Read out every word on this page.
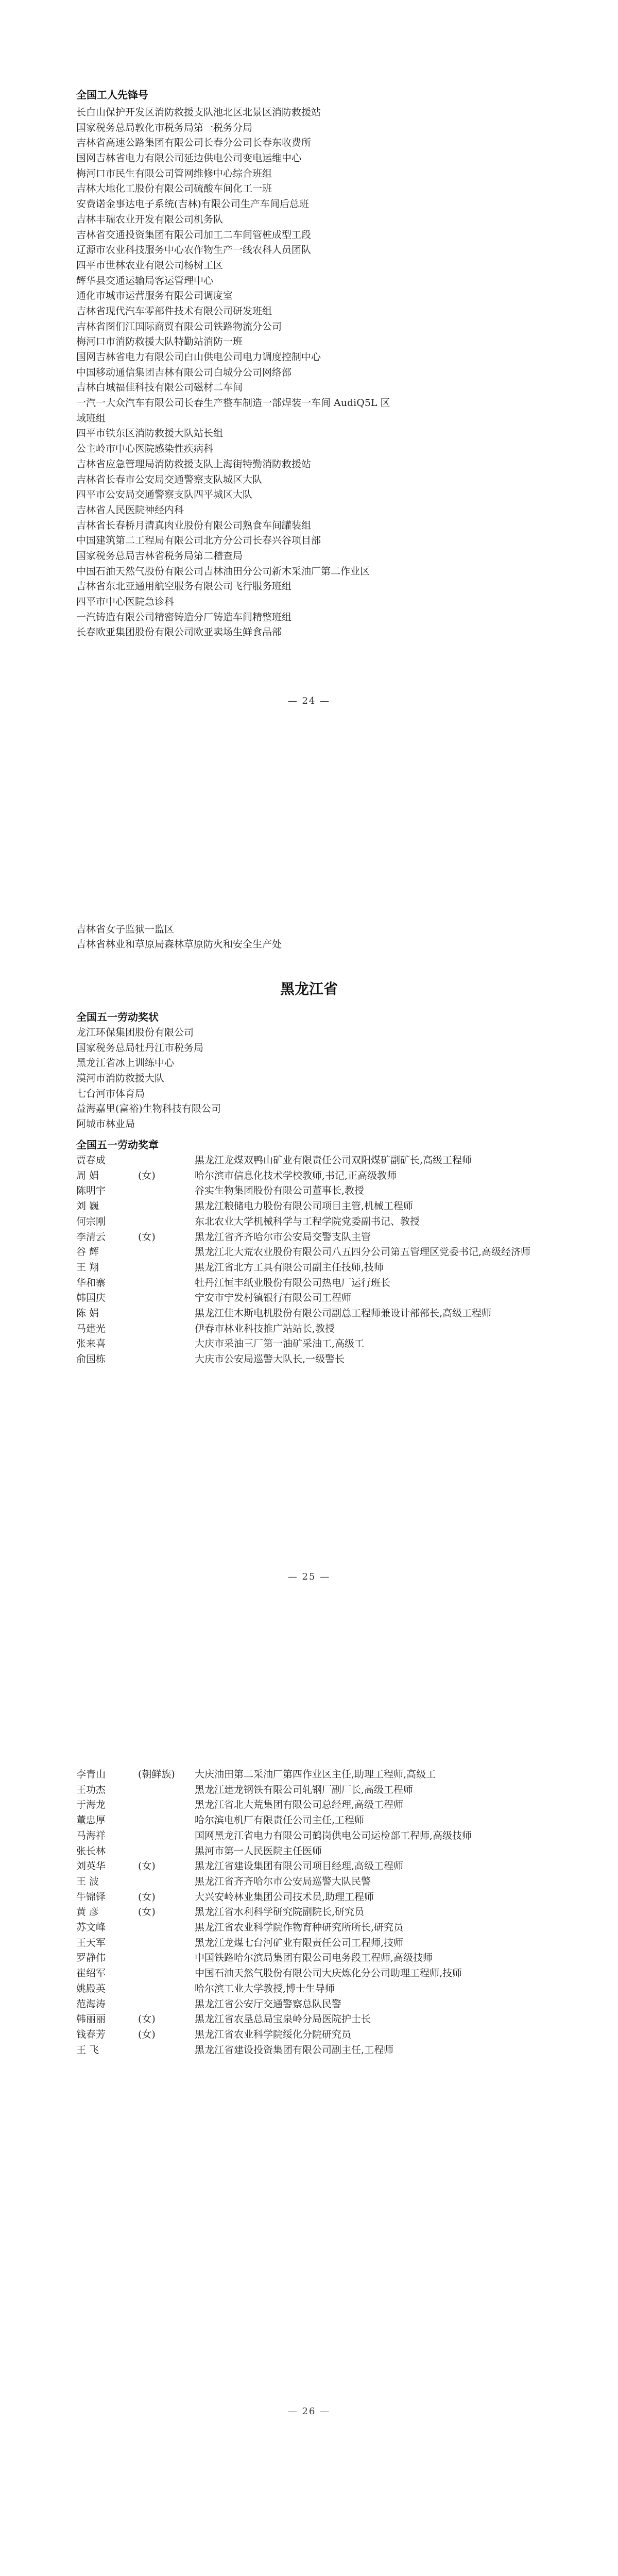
全国工人先锋号
长白山保护开发区消防救援支队池北区北景区消防救援站
国家税务总局敦化市税务局第一税务分局
吉林省高速公路集团有限公司长春分公司长春东收费所
国网吉林省电力有限公司延边供电公司变电运维中心
梅河口市民生有限公司管网维修中心综合班组
吉林大地化工股份有限公司硫酸车间化工一班
安费诺金事达电子系统(吉林)有限公司生产车间后总班
吉林丰瑞农业开发有限公司机务队
吉林省交通投资集团有限公司加工二车间管桩成型工段
辽源市农业科技服务中心农作物生产一线农科人员团队
四平市世林农业有限公司杨树工区
辉华县交通运输局客运管理中心
通化市城市运营服务有限公司调度室
吉林省现代汽车零部件技术有限公司研发班组
吉林省图们江国际商贸有限公司铁路物流分公司
梅河口市消防救援大队特勤站消防一班
国网吉林省电力有限公司白山供电公司电力调度控制中心
中国移动通信集团吉林有限公司白城分公司网络部
吉林白城福佳科技有限公司磁材二车间
一汽一大众汽车有限公司长春生产整车制造一部焊装一车间 AudiQ5L 区
域班组
四平市铁东区消防救援大队站长组
公主岭市中心医院感染性疾病科
吉林省应急管理局消防救援支队上海街特勤消防救援站
吉林省长春市公安局交通警察支队城区大队
四平市公安局交通警察支队四平城区大队
吉林省人民医院神经内科
吉林省长春桥月清真肉业股份有限公司熟食车间罐装组
中国建筑第二工程局有限公司北方分公司长春兴谷项目部
国家税务总局吉林省税务局第二稽查局
中国石油天然气股份有限公司吉林油田分公司新木采油厂第二作业区
吉林省东北亚通用航空服务有限公司飞行服务班组
四平市中心医院急诊科
一汽铸造有限公司精密铸造分厂铸造车间精整班组
长春欧亚集团股份有限公司欧亚卖场生鲜食品部
— 24 —
吉林省女子监狱一监区
吉林省林业和草原局森林草原防火和安全生产处
黑龙江省
全国五一劳动奖状
龙江环保集团股份有限公司
国家税务总局牡丹江市税务局
黑龙江省冰上训练中心
漠河市消防救援大队
七台河市体育局
益海嘉里(富裕)生物科技有限公司
阿城市林业局
全国五一劳动奖章
贾春成		黑龙江龙煤双鸭山矿业有限责任公司双阳煤矿副矿长,高级工程师

周 娟	(女)	哈尔滨市信息化技术学校教师,书记,正高级教师

陈明宇		谷实生物集团股份有限公司董事长,教授

刘 巍		黑龙江粮储电力股份有限公司项目主管,机械工程师

何宗刚		东北农业大学机械科学与工程学院党委副书记、教授

李清云	(女)	黑龙江省齐齐哈尔市公安局交警支队主管

谷 辉		黑龙江北大荒农业股份有限公司八五四分公司第五管理区党委书记,高级经济师

王 翔		黑龙江省北方工具有限公司副主任技师,技师

华和寨		牡丹江恒丰纸业股份有限公司热电厂运行班长

韩国庆		宁安市宁发村镇银行有限公司工程师

陈 娟		黑龙江佳木斯电机股份有限公司副总工程师兼设计部部长,高级工程师

马建光		伊春市林业科技推广站站长,教授

张来喜		大庆市采油三厂第一油矿采油工,高级工

俞国栋		大庆市公安局巡警大队长,一级警长
— 25 —
李青山	(朝鲜族)	大庆油田第二采油厂第四作业区主任,助理工程师,高级工

王功杰		黑龙江建龙钢铁有限公司轧钢厂副厂长,高级工程师

于海龙		黑龙江省北大荒集团有限公司总经理,高级工程师

董忠厚		哈尔滨电机厂有限责任公司主任,工程师

马海祥		国网黑龙江省电力有限公司鹤岗供电公司运检部工程师,高级技师

张长林		黑河市第一人民医院主任医师

刘英华	(女)	黑龙江省建设集团有限公司项目经理,高级工程师

王 波		黑龙江省齐齐哈尔市公安局巡警大队民警

牛锦铎	(女)	大兴安岭林业集团公司技术员,助理工程师

黄 彦	(女)	黑龙江省水利科学研究院副院长,研究员

苏文峰		黑龙江省农业科学院作物育种研究所所长,研究员

王天军		黑龙江龙煤七台河矿业有限责任公司工程师,技师

罗静伟		中国铁路哈尔滨局集团有限公司电务段工程师,高级技师

崔绍军		中国石油天然气股份有限公司大庆炼化分公司助理工程师,技师

姚殿英		哈尔滨工业大学教授,博士生导师

范海涛		黑龙江省公安厅交通警察总队民警

韩丽丽	(女)	黑龙江省农垦总局宝泉岭分局医院护士长

钱春芳	(女)	黑龙江省农业科学院绥化分院研究员

王 飞		黑龙江省建设投资集团有限公司副主任,工程师
— 26 —
